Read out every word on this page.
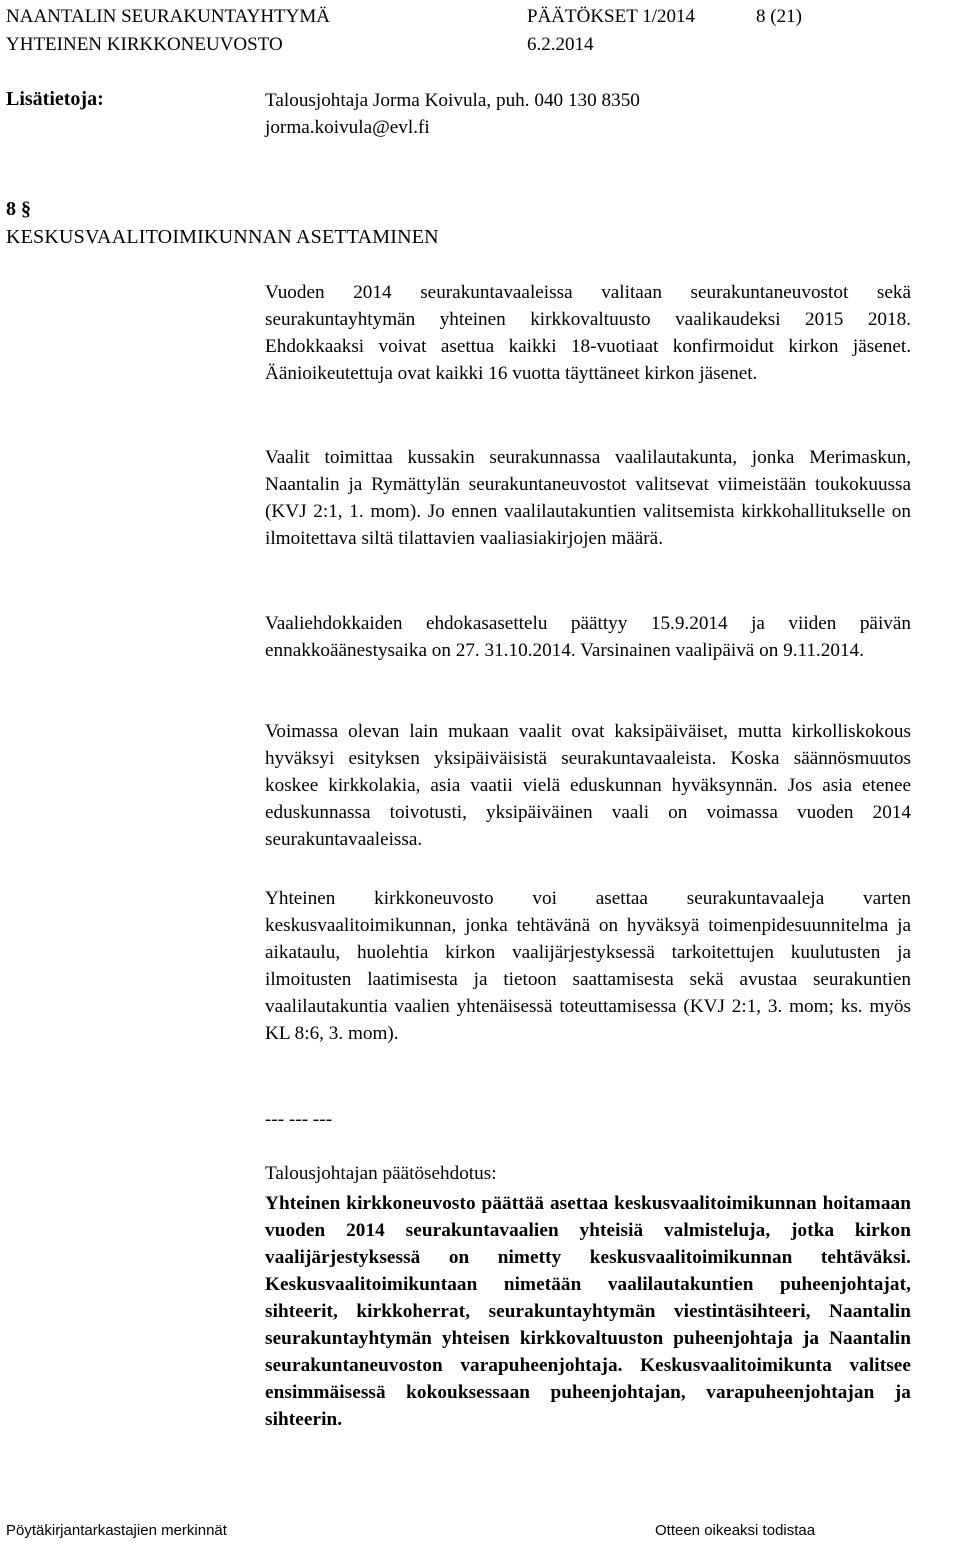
NAANTALIN SEURAKUNTAYHTYMÄ
YHTEINEN KIRKKONEUVOSTO
PÄÄTÖKSET 1/2014
6.2.2014
8 (21)
Lisätietoja:	Talousjohtaja Jorma Koivula, puh. 040 130 8350
jorma.koivula@evl.fi
8 §
KESKUSVAALITOIMIKUNNAN ASETTAMINEN

Vuoden 2014 seurakuntavaaleissa valitaan seurakuntaneuvostot sekä seurakuntayhtymän yhteinen kirkkovaltuusto vaalikaudeksi 2015 2018. Ehdokkaaksi voivat asettua kaikki 18-vuotiaat konfirmoidut kirkon jäsenet. Äänioikeutettuja ovat kaikki 16 vuotta täyttäneet kirkon jäsenet.

Vaalit toimittaa kussakin seurakunnassa vaalilautakunta, jonka Merimaskun, Naantalin ja Rymättylän seurakuntaneuvostot valitsevat viimeistään toukokuussa (KVJ 2:1, 1. mom). Jo ennen vaalilautakuntien valitsemista kirkkohallitukselle on ilmoitettava siltä tilattavien vaaliasiakirjojen määrä.

Vaaliehdokkaiden ehdokasasettelu päättyy 15.9.2014 ja viiden päivän ennakkoäänestysaika on 27. 31.10.2014. Varsinainen vaalipäivä on 9.11.2014.

Voimassa olevan lain mukaan vaalit ovat kaksipäiväiset, mutta kirkolliskokous hyväksyi esityksen yksipäiväisistä seurakuntavaaleista. Koska säännösmuutos koskee kirkkolakia, asia vaatii vielä eduskunnan hyväksynnän. Jos asia etenee eduskunnassa toivotusti, yksipäiväinen vaali on voimassa vuoden 2014 seurakuntavaaleissa.

Yhteinen kirkkoneuvosto voi asettaa seurakuntavaaleja varten keskusvaalitoimikunnan, jonka tehtävänä on hyväksyä toimenpidesuunnitelma ja aikataulu, huolehtia kirkon vaalijärjestyksessä tarkoitettujen kuulutusten ja ilmoitusten laatimisesta ja tietoon saattamisesta sekä avustaa seurakuntien vaalilautakuntia vaalien yhtenäisessä toteuttamisessa (KVJ 2:1, 3. mom; ks. myös KL 8:6, 3. mom).

--- --- ---
Talousjohtajan päätösehdotus:

Yhteinen kirkkoneuvosto päättää asettaa keskusvaalitoimikunnan hoitamaan vuoden 2014 seurakuntavaalien yhteisiä valmisteluja, jotka kirkon vaalijärjestyksessä on nimetty keskusvaalitoimikunnan tehtäväksi. Keskusvaalitoimikuntaan nimetään vaalilautakuntien puheenjohtajat, sihteerit, kirkkoherrat, seurakuntayhtymän viestintäsihteeri, Naantalin seurakuntayhtymän yhteisen kirkkovaltuuston puheenjohtaja ja Naantalin seurakuntaneuvoston varapuheenjohtaja. Keskusvaalitoimikunta valitsee ensimmäisessä kokouksessaan puheenjohtajan, varapuheenjohtajan ja sihteerin.

Pöytäkirjantarkastajien merkinnät	Otteen oikeaksi todistaa
